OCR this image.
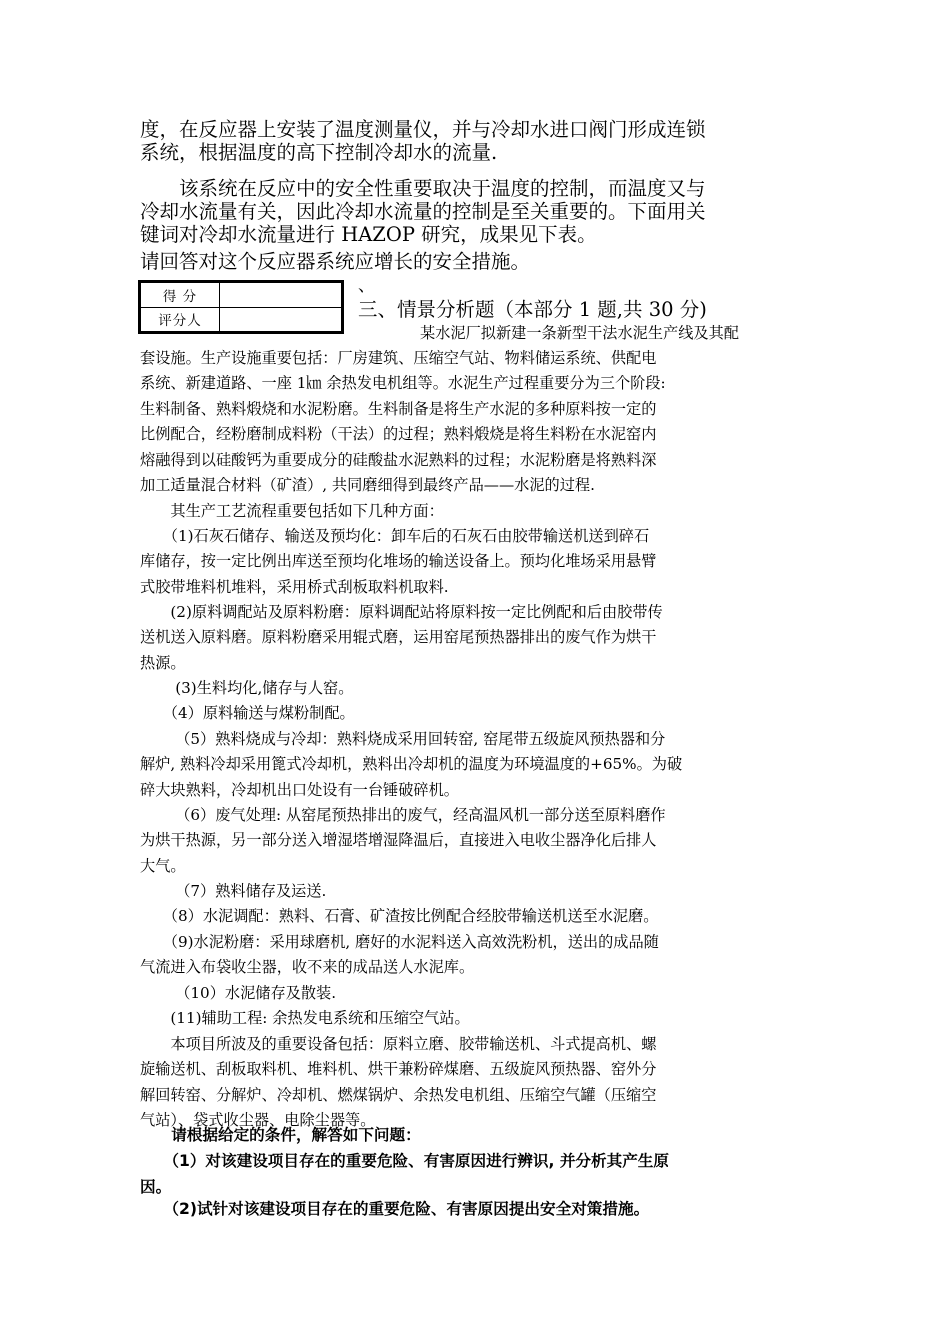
度，在反应器上安装了温度测量仪，并与冷却水进口阀门形成连锁
系统，根据温度的高下控制冷却水的流量.
　　该系统在反应中的安全性重要取决于温度的控制，而温度又与
冷却水流量有关，因此冷却水流量的控制是至关重要的。下面用关
键词对冷却水流量进行 HAZOP 研究，成果见下表。
请回答对这个反应器系统应增长的安全措施。
得 分	
评分人	
、
三、情景分析题（本部分 1 题,共 30 分)
某水泥厂拟新建一条新型干法水泥生产线及其配
套设施。生产设施重要包括：厂房建筑、压缩空气站、物料储运系统、供配电
系统、新建道路、一座 1㎞ 余热发电机组等。水泥生产过程重要分为三个阶段:
生料制备、熟料煅烧和水泥粉磨。生料制备是将生产水泥的多种原料按一定的
比例配合，经粉磨制成料粉（干法）的过程；熟料煅烧是将生料粉在水泥窑内
熔融得到以硅酸钙为重要成分的硅酸盐水泥熟料的过程；水泥粉磨是将熟料深
加工适量混合材料（矿渣）, 共同磨细得到最终产品——水泥的过程.
　　其生产工艺流程重要包括如下几种方面：
　　（1)石灰石储存、输送及预均化：卸车后的石灰石由胶带输送机送到碎石
库储存，按一定比例出库送至预均化堆场的输送设备上。预均化堆场采用悬臂
式胶带堆料机堆料，采用桥式刮板取料机取料.
　　(2)原料调配站及原料粉磨：原料调配站将原料按一定比例配和后由胶带传
送机送入原料磨。原料粉磨采用辊式磨，运用窑尾预热器排出的废气作为烘干
热源。
　　 (3)生料均化,储存与人窑。
　　（4）原料输送与煤粉制配。
　　 （5）熟料烧成与冷却：熟料烧成采用回转窑, 窑尾带五级旋风预热器和分
解炉, 熟料冷却采用篦式冷却机，熟料出冷却机的温度为环境温度的+65%。为破
碎大块熟料，冷却机出口处设有一台锤破碎机。
　　 （6）废气处理: 从窑尾预热排出的废气，经高温风机一部分送至原料磨作
为烘干热源，另一部分送入增湿塔增湿降温后，直接进入电收尘器净化后排人
大气。
　　 （7）熟料储存及运送.
　　（8）水泥调配：熟料、石膏、矿渣按比例配合经胶带输送机送至水泥磨。
　　（9)水泥粉磨：采用球磨机, 磨好的水泥料送入高效洗粉机，送出的成品随
气流进入布袋收尘器，收不来的成品送人水泥库。
　　 （10）水泥储存及散装.
　　(11)辅助工程: 余热发电系统和压缩空气站。
　　本项目所波及的重要设备包括：原料立磨、胶带输送机、斗式提高机、螺
旋输送机、刮板取料机、堆料机、烘干兼粉碎煤磨、五级旋风预热器、窑外分
解回转窑、分解炉、冷却机、燃煤锅炉、余热发电机组、压缩空气罐（压缩空
气站）、袋式收尘器、电除尘器等。
　　请根据给定的条件，解答如下问题：
　　（1）对该建设项目存在的重要危险、有害原因进行辨识, 并分析其产生原
因。
　　（2)试针对该建设项目存在的重要危险、有害原因提出安全对策措施。
